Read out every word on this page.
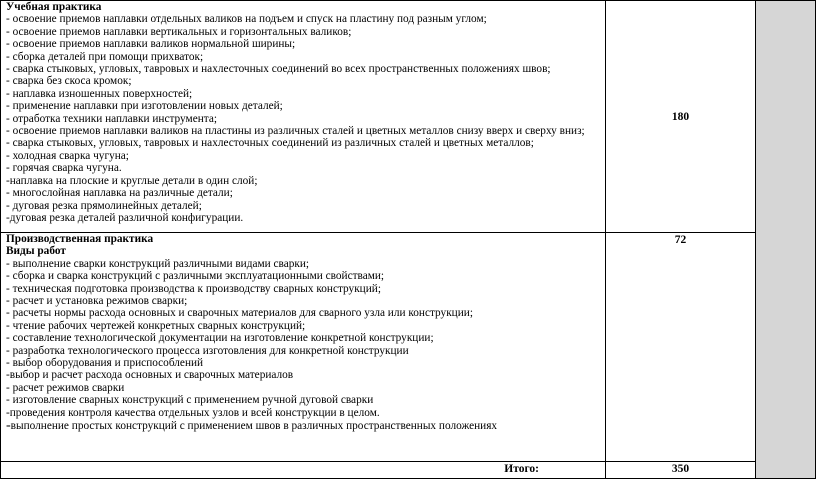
Учебная практика
- освоение приемов наплавки отдельных валиков на подъем и спуск на пластину под разным углом;
- освоение приемов наплавки вертикальных и горизонтальных валиков;
- освоение приемов наплавки валиков нормальной ширины;
- сборка деталей при помощи прихваток;
- сварка стыковых, угловых, тавровых и нахлесточных соединений во всех пространственных положениях швов;
- сварка без скоса кромок;
- наплавка изношенных поверхностей;
- применение наплавки при изготовлении новых деталей;
- отработка техники наплавки инструмента;
- освоение приемов наплавки валиков на пластины из различных сталей и цветных металлов снизу вверх и сверху вниз;
- сварка стыковых, угловых, тавровых и нахлесточных соединений из различных сталей и цветных металлов;
- холодная сварка чугуна;
- горячая сварка чугуна.
-наплавка на плоские и круглые детали в один слой;
- многослойная наплавка на различные детали;
- дуговая резка прямолинейных деталей;
-дуговая резка деталей различной конфигурации.
180
Производственная практика
Виды работ
- выполнение сварки конструкций различными видами сварки;
- сборка и сварка конструкций с различными эксплуатационными свойствами;
- техническая подготовка производства к производству сварных конструкций;
- расчет и установка режимов сварки;
- расчеты нормы расхода основных и сварочных материалов для сварного узла или конструкции;
- чтение рабочих чертежей конкретных сварных конструкций;
- составление технологической документации на изготовление конкретной конструкции;
- разработка технологического процесса изготовления для конкретной конструкции
- выбор оборудования и приспособлений
-выбор и расчет расхода основных и сварочных материалов
- расчет режимов сварки
- изготовление сварных конструкций с применением ручной дуговой сварки
-проведения контроля качества отдельных узлов и всей конструкции в целом.
-выполнение простых конструкций с применением швов в различных пространственных положениях
72
Итого:	350
